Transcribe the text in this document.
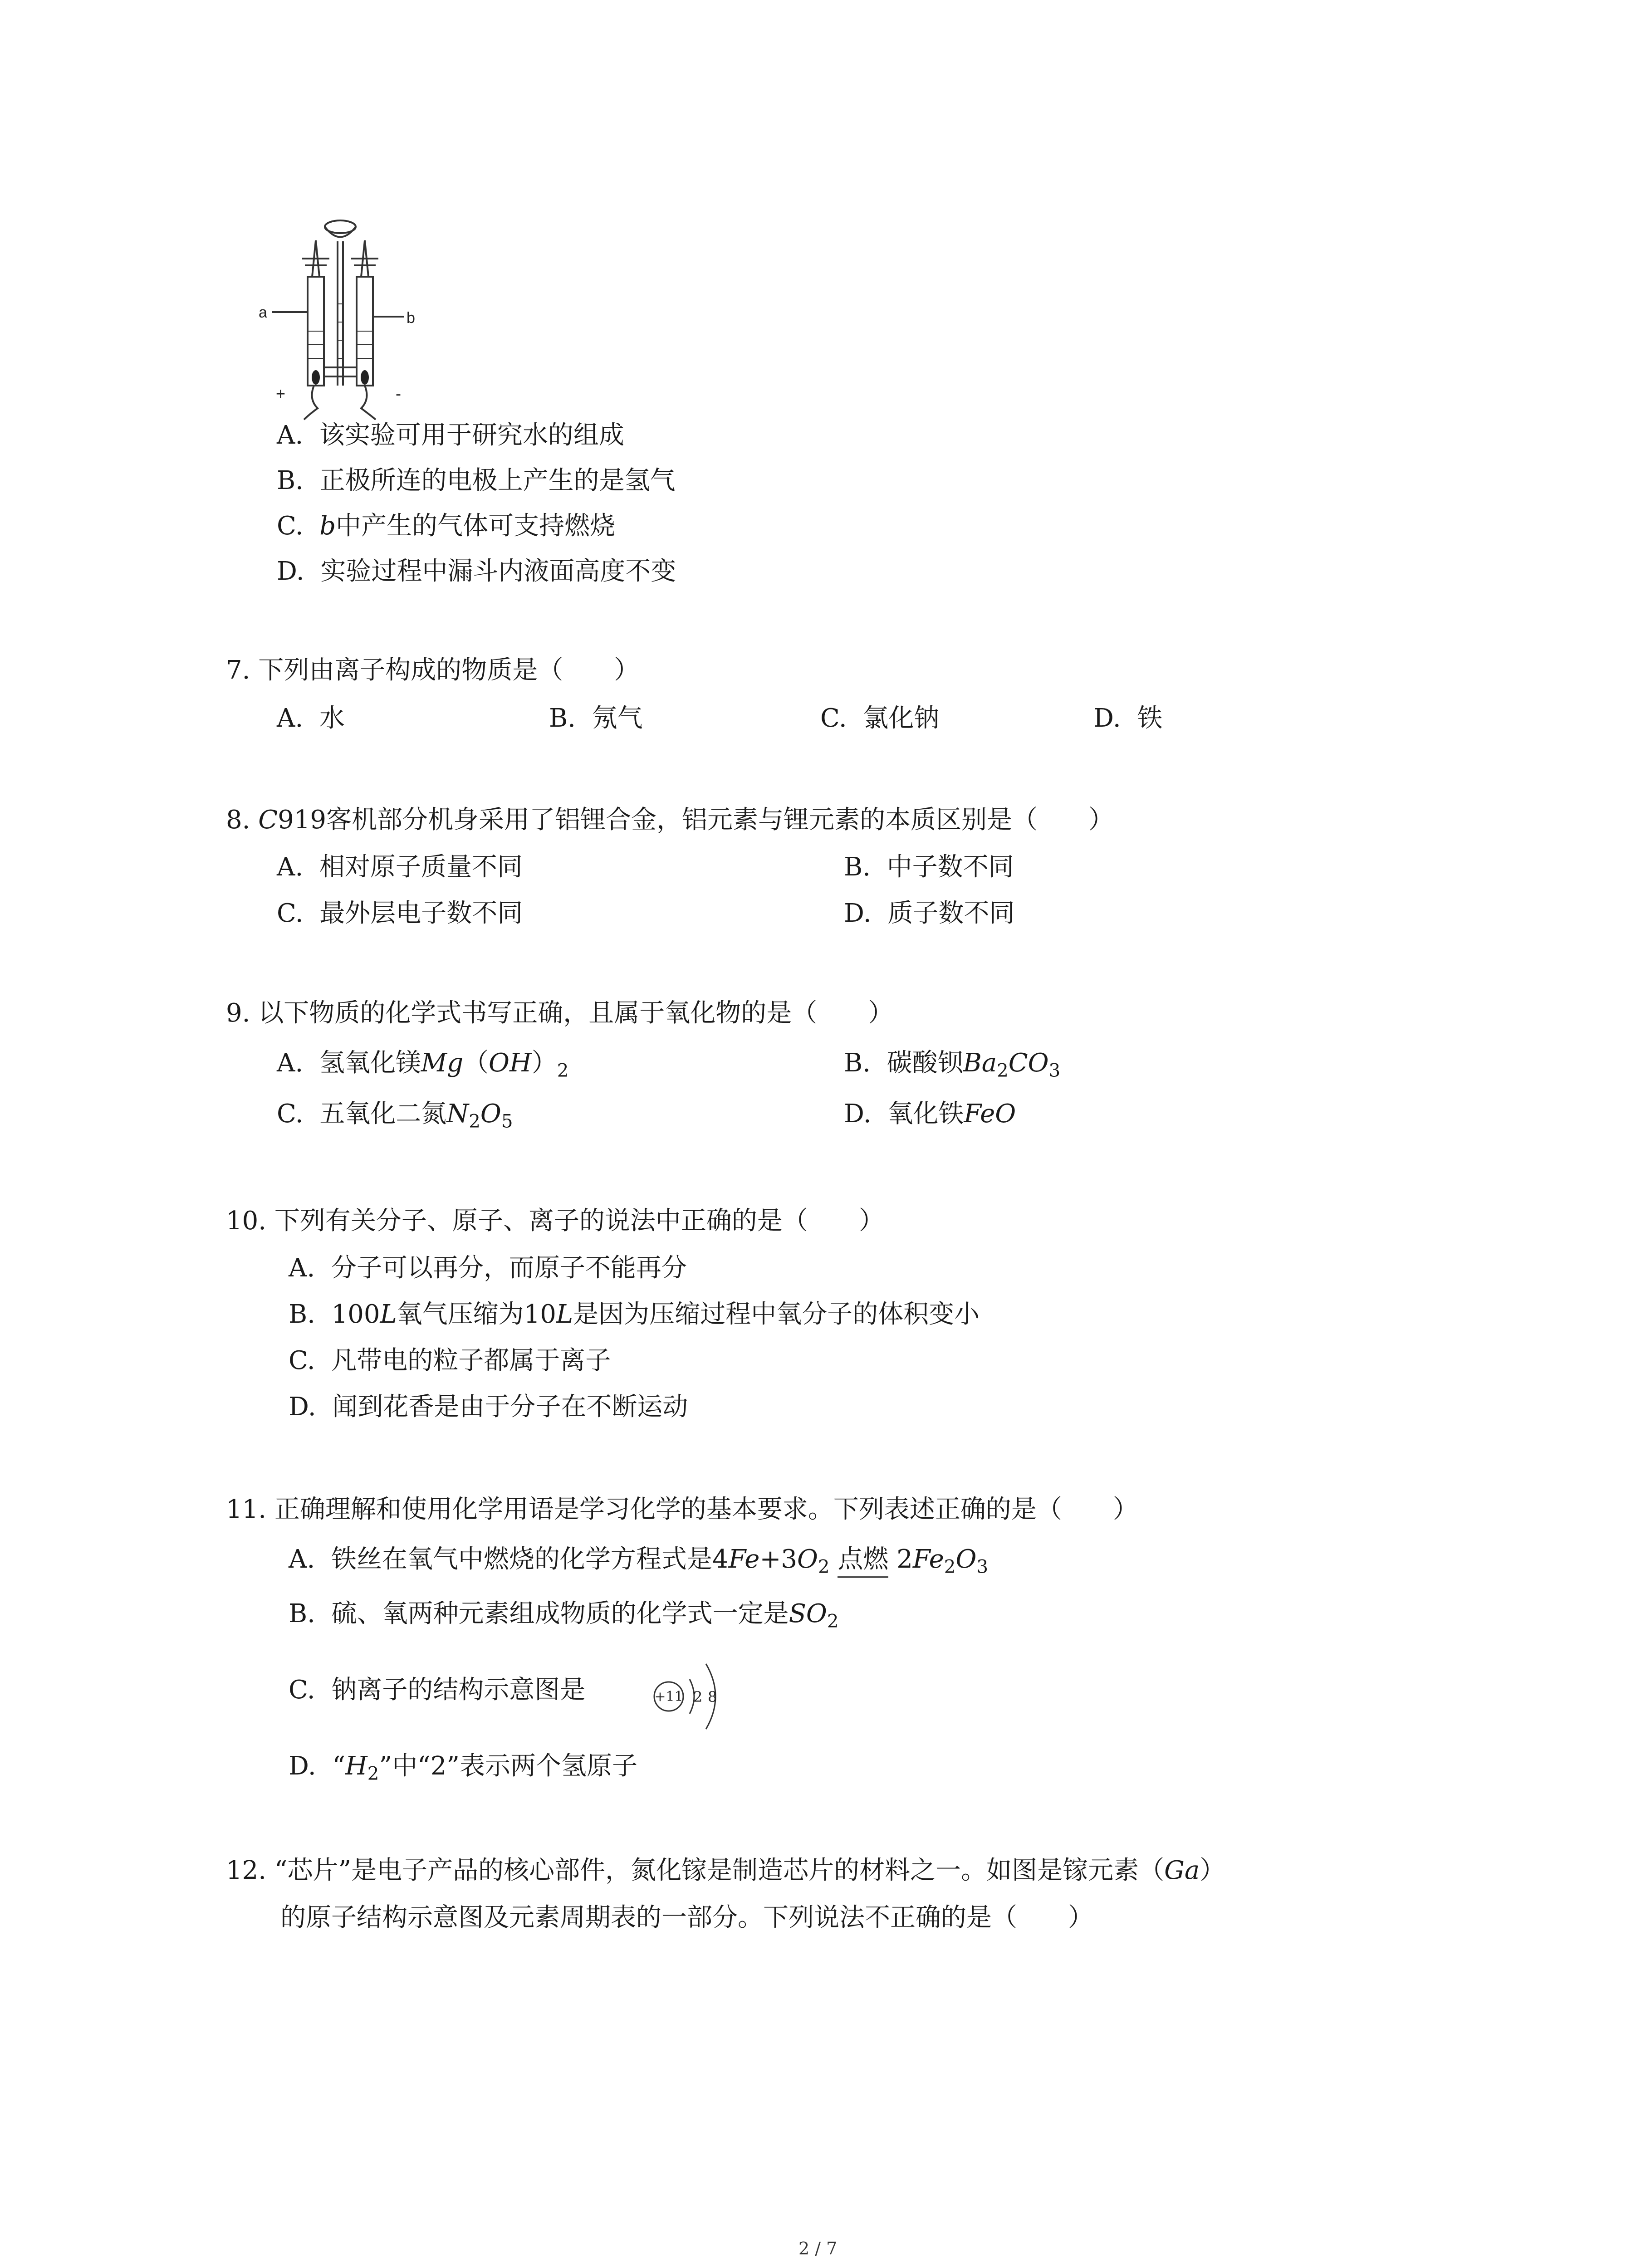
a	b
+	-
A. 该实验可用于研究水的组成
B. 正极所连的电极上产生的是氢气
C. b中产生的气体可支持燃烧
D. 实验过程中漏斗内液面高度不变
7. 下列由离子构成的物质是（　　）
A. 水	B. 氖气	C. 氯化钠	D. 铁
8. C919客机部分机身采用了铝锂合金，铝元素与锂元素的本质区别是（　　）
A. 相对原子质量不同	B. 中子数不同
C. 最外层电子数不同	D. 质子数不同
9. 以下物质的化学式书写正确，且属于氧化物的是（　　）
A. 氢氧化镁$Mg(OH)_2$	B. 碳酸钡$Ba_2CO_3$
C. 五氧化二氮$N_2O_5$	D. 氧化铁FeO
10. 下列有关分子、原子、离子的说法中正确的是（　　）
A. 分子可以再分，而原子不能再分
B. 100L氧气压缩为10L是因为压缩过程中氧分子的体积变小
C. 凡带电的粒子都属于离子
D. 闻到花香是由于分子在不断运动
11. 正确理解和使用化学用语是学习化学的基本要求。下列表述正确的是（　　）
A. 铁丝在氧气中燃烧的化学方程式是$4Fe+3O_2$ 点燃 $2Fe_2O_3$
B. 硫、氧两种元素组成物质的化学式一定是$SO_2$
C. 钠离子的结构示意图是	+11 2 8
D. “$H_2$”中“2”表示两个氢原子
12. “芯片”是电子产品的核心部件，氮化镓是制造芯片的材料之一。如图是镓元素（Ga）
的原子结构示意图及元素周期表的一部分。下列说法不正确的是（　　）
2 / 7
